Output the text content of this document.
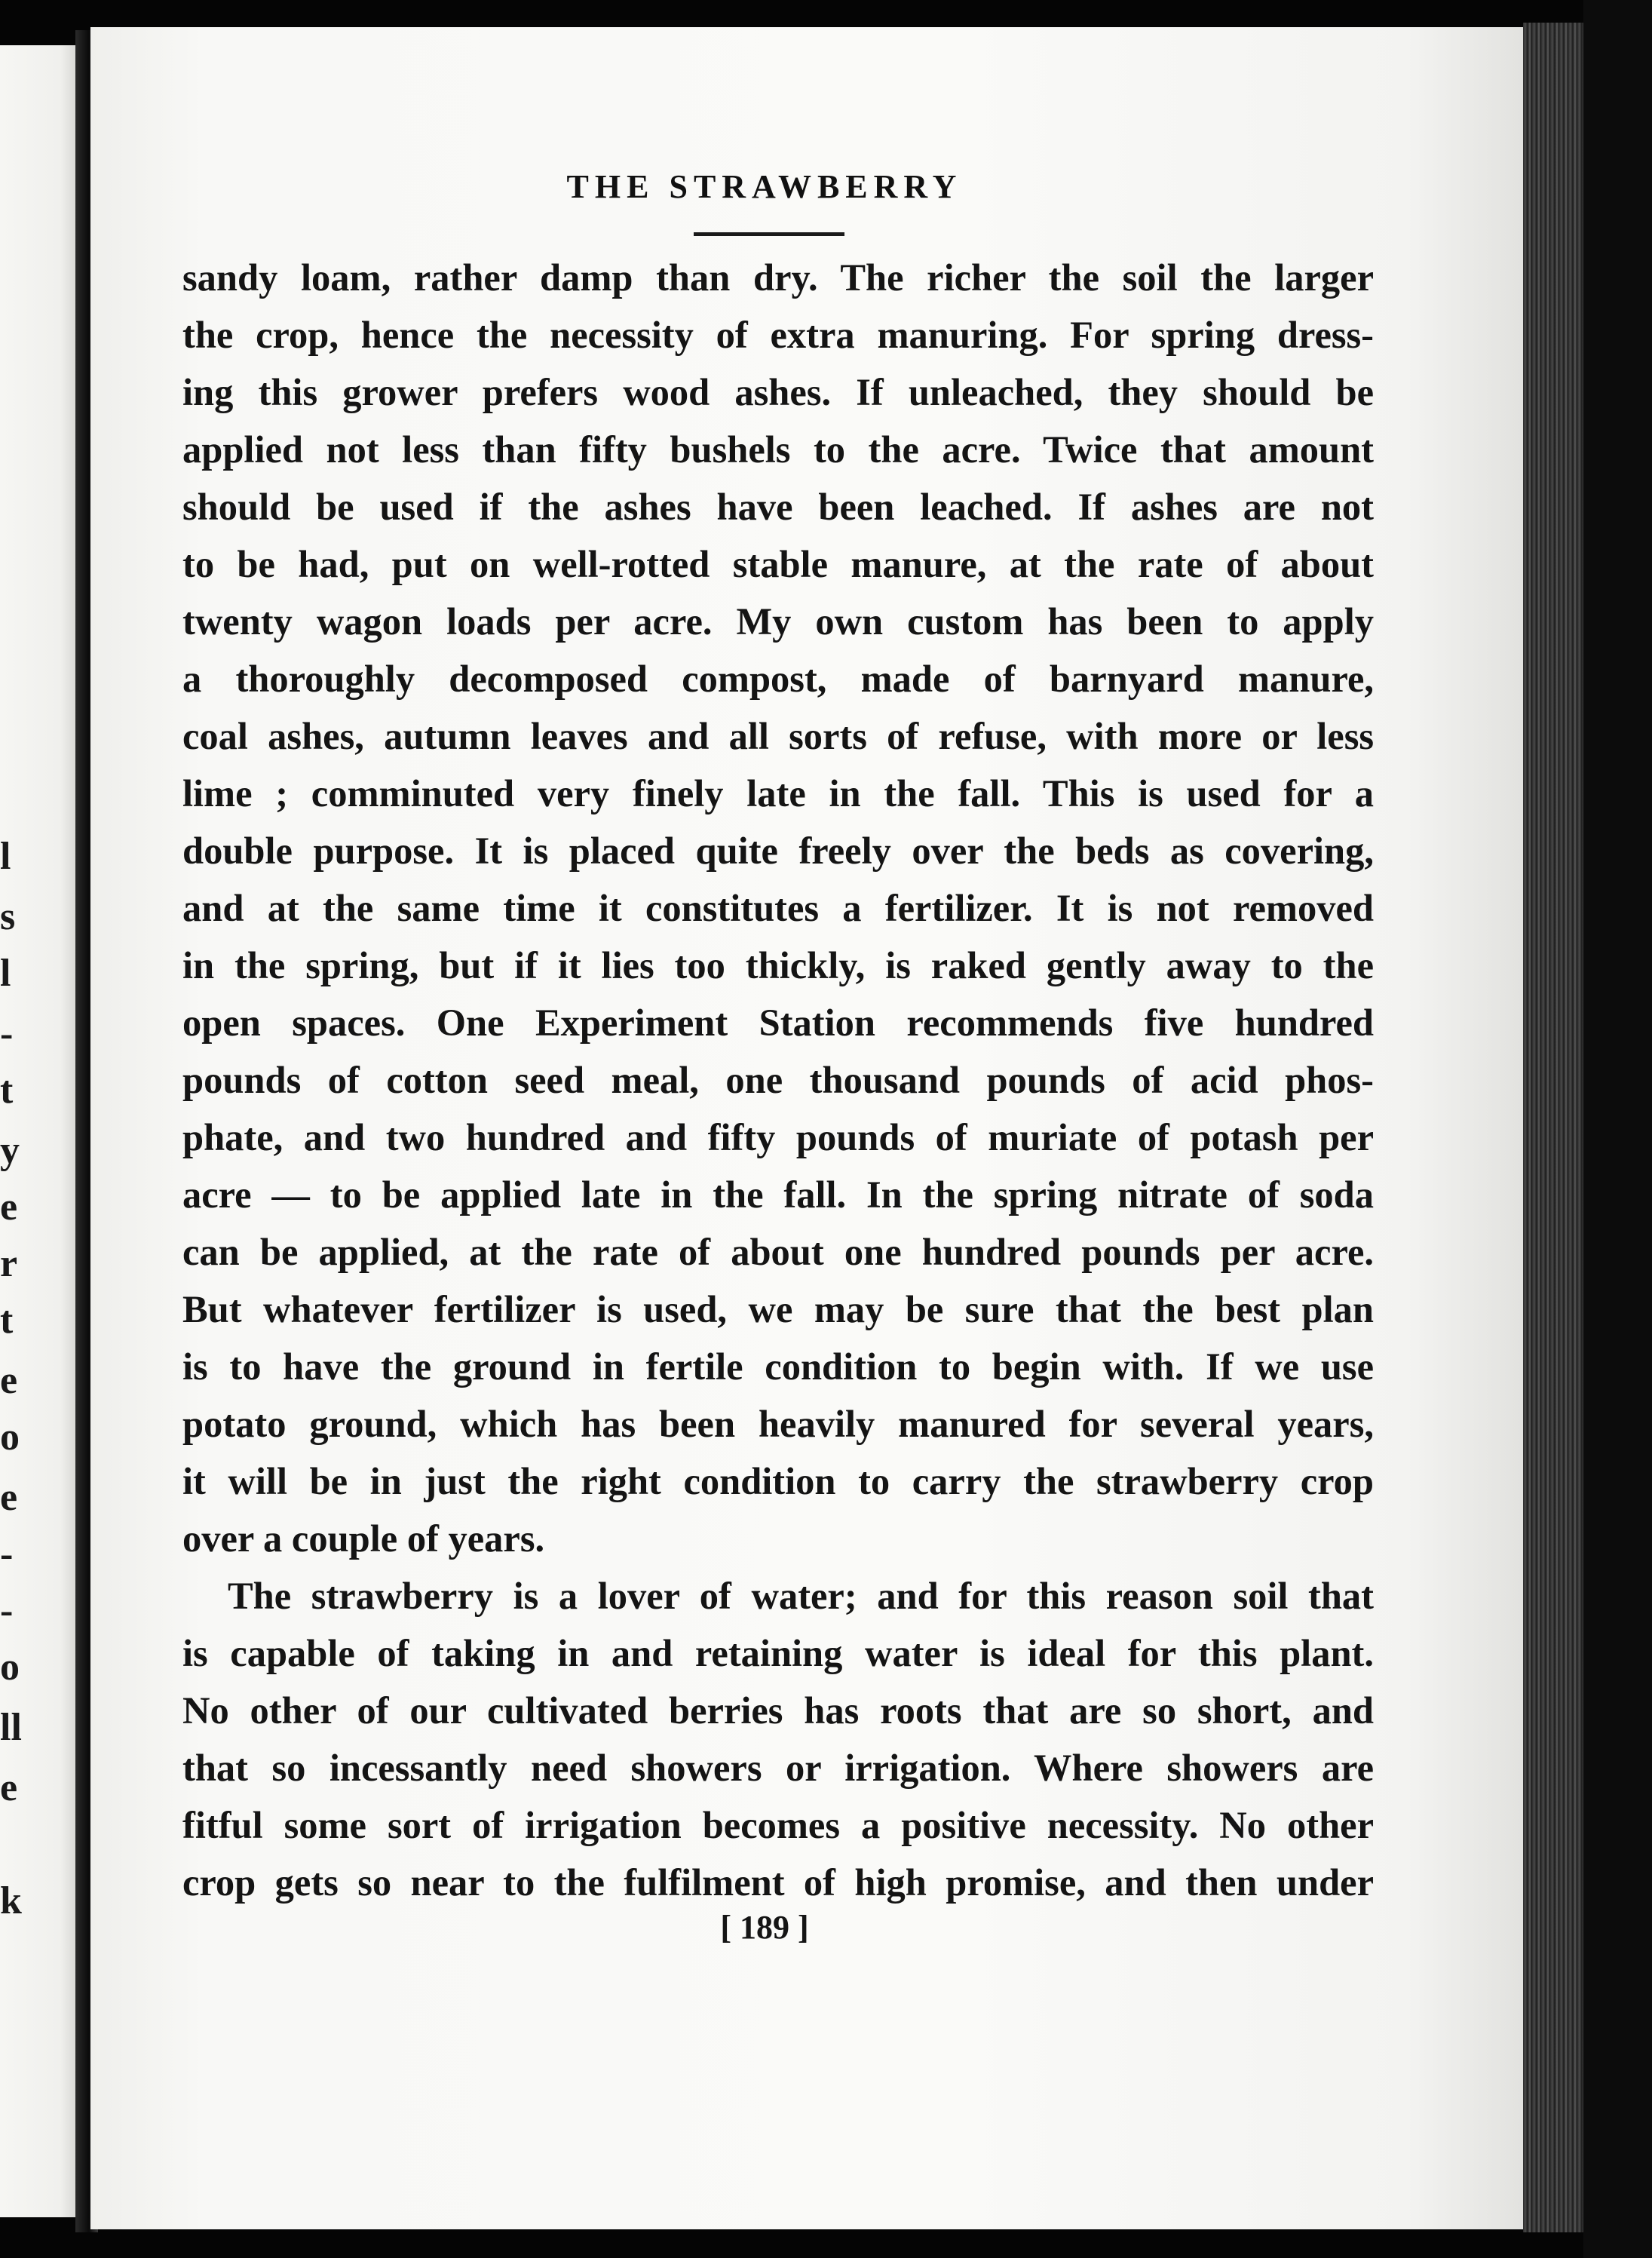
l
s
l
-
t
y
e
r
t
e
o
e
-
-
o
ll
e
k
THE STRAWBERRY
sandy loam, rather damp than dry. The richer the soil the larger
the crop, hence the necessity of extra manuring. For spring dress-
ing this grower prefers wood ashes. If unleached, they should be
applied not less than fifty bushels to the acre. Twice that amount
should be used if the ashes have been leached. If ashes are not
to be had, put on well-rotted stable manure, at the rate of about
twenty wagon loads per acre. My own custom has been to apply
a thoroughly decomposed compost, made of barnyard manure,
coal ashes, autumn leaves and all sorts of refuse, with more or less
lime ; comminuted very finely late in the fall. This is used for a
double purpose. It is placed quite freely over the beds as covering,
and at the same time it constitutes a fertilizer. It is not removed
in the spring, but if it lies too thickly, is raked gently away to the
open spaces. One Experiment Station recommends five hundred
pounds of cotton seed meal, one thousand pounds of acid phos-
phate, and two hundred and fifty pounds of muriate of potash per
acre — to be applied late in the fall. In the spring nitrate of soda
can be applied, at the rate of about one hundred pounds per acre.
But whatever fertilizer is used, we may be sure that the best plan
is to have the ground in fertile condition to begin with. If we use
potato ground, which has been heavily manured for several years,
it will be in just the right condition to carry the strawberry crop
over a couple of years.
The strawberry is a lover of water; and for this reason soil that
is capable of taking in and retaining water is ideal for this plant.
No other of our cultivated berries has roots that are so short, and
that so incessantly need showers or irrigation. Where showers are
fitful some sort of irrigation becomes a positive necessity. No other
crop gets so near to the fulfilment of high promise, and then under
[ 189 ]
